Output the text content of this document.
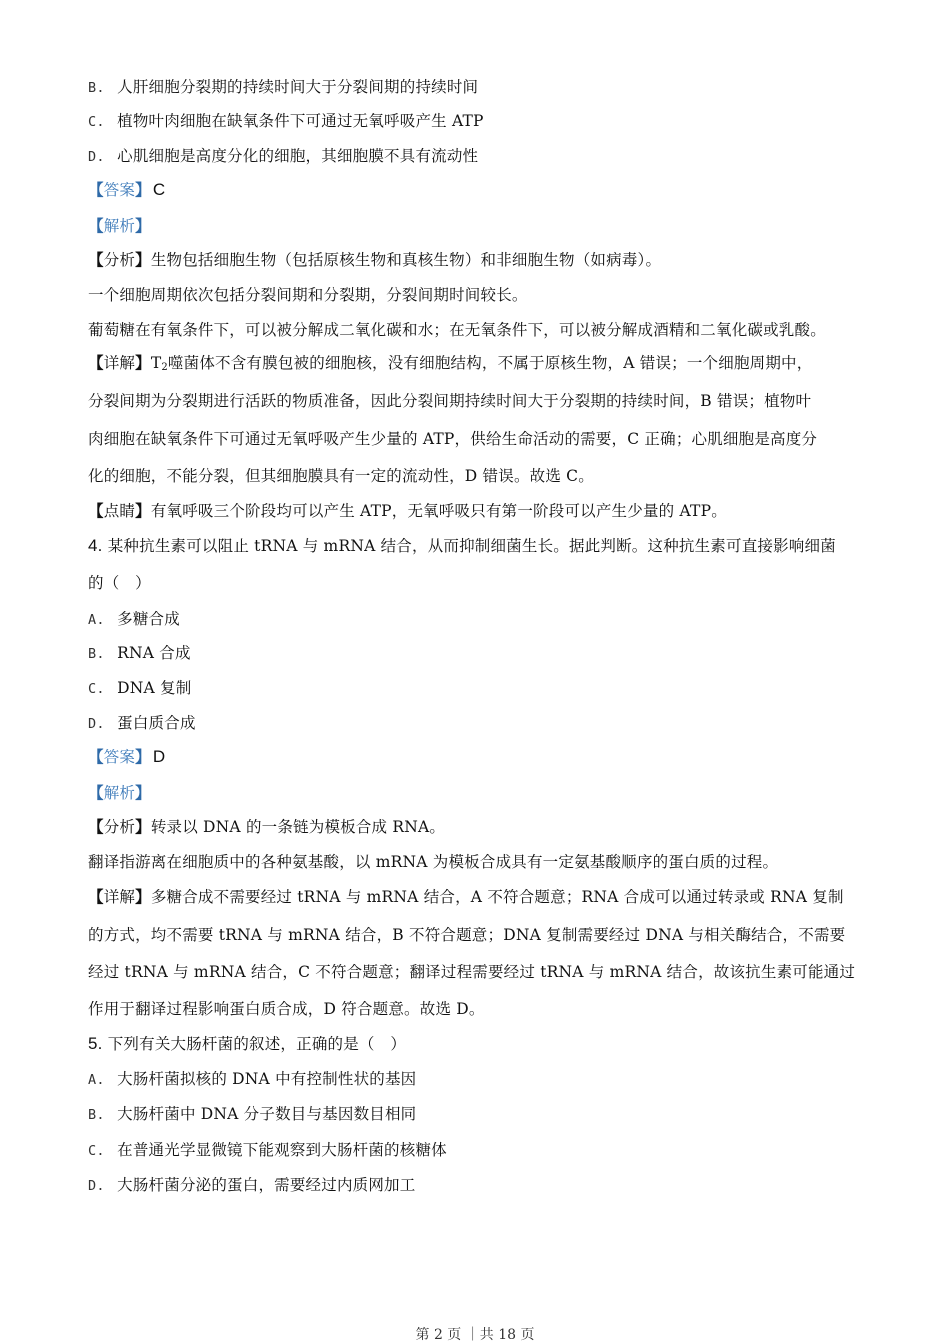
B. 人肝细胞分裂期的持续时间大于分裂间期的持续时间
C. 植物叶肉细胞在缺氧条件下可通过无氧呼吸产生 ATP
D. 心肌细胞是高度分化的细胞，其细胞膜不具有流动性
【答案】 C
【解析】
【分析】生物包括细胞生物（包括原核生物和真核生物）和非细胞生物（如病毒）。
一个细胞周期依次包括分裂间期和分裂期，分裂间期时间较长。
葡萄糖在有氧条件下，可以被分解成二氧化碳和水；在无氧条件下，可以被分解成酒精和二氧化碳或乳酸。
【详解】$T_2$噬菌体不含有膜包被的细胞核，没有细胞结构，不属于原核生物，A 错误；一个细胞周期中，
分裂间期为分裂期进行活跃的物质准备，因此分裂间期持续时间大于分裂期的持续时间，B 错误；植物叶
肉细胞在缺氧条件下可通过无氧呼吸产生少量的 ATP，供给生命活动的需要，C 正确；心肌细胞是高度分
化的细胞，不能分裂，但其细胞膜具有一定的流动性，D 错误。故选 C。
【点睛】有氧呼吸三个阶段均可以产生 ATP，无氧呼吸只有第一阶段可以产生少量的 ATP。
4. 某种抗生素可以阻止 tRNA 与 mRNA 结合，从而抑制细菌生长。据此判断。这种抗生素可直接影响细菌
的（　）
A. 多糖合成
B. RNA 合成
C. DNA 复制
D. 蛋白质合成
【答案】 D
【解析】
【分析】转录以 DNA 的一条链为模板合成 RNA。
翻译指游离在细胞质中的各种氨基酸，以 mRNA 为模板合成具有一定氨基酸顺序的蛋白质的过程。
【详解】多糖合成不需要经过 tRNA 与 mRNA 结合，A 不符合题意；RNA 合成可以通过转录或 RNA 复制
的方式，均不需要 tRNA 与 mRNA 结合，B 不符合题意；DNA 复制需要经过 DNA 与相关酶结合，不需要
经过 tRNA 与 mRNA 结合，C 不符合题意；翻译过程需要经过 tRNA 与 mRNA 结合，故该抗生素可能通过
作用于翻译过程影响蛋白质合成，D 符合题意。故选 D。
5. 下列有关大肠杆菌的叙述，正确的是（　）
A. 大肠杆菌拟核的 DNA 中有控制性状的基因
B. 大肠杆菌中 DNA 分子数目与基因数目相同
C. 在普通光学显微镜下能观察到大肠杆菌的核糖体
D. 大肠杆菌分泌的蛋白，需要经过内质网加工
第 2 页 ｜共 18 页
